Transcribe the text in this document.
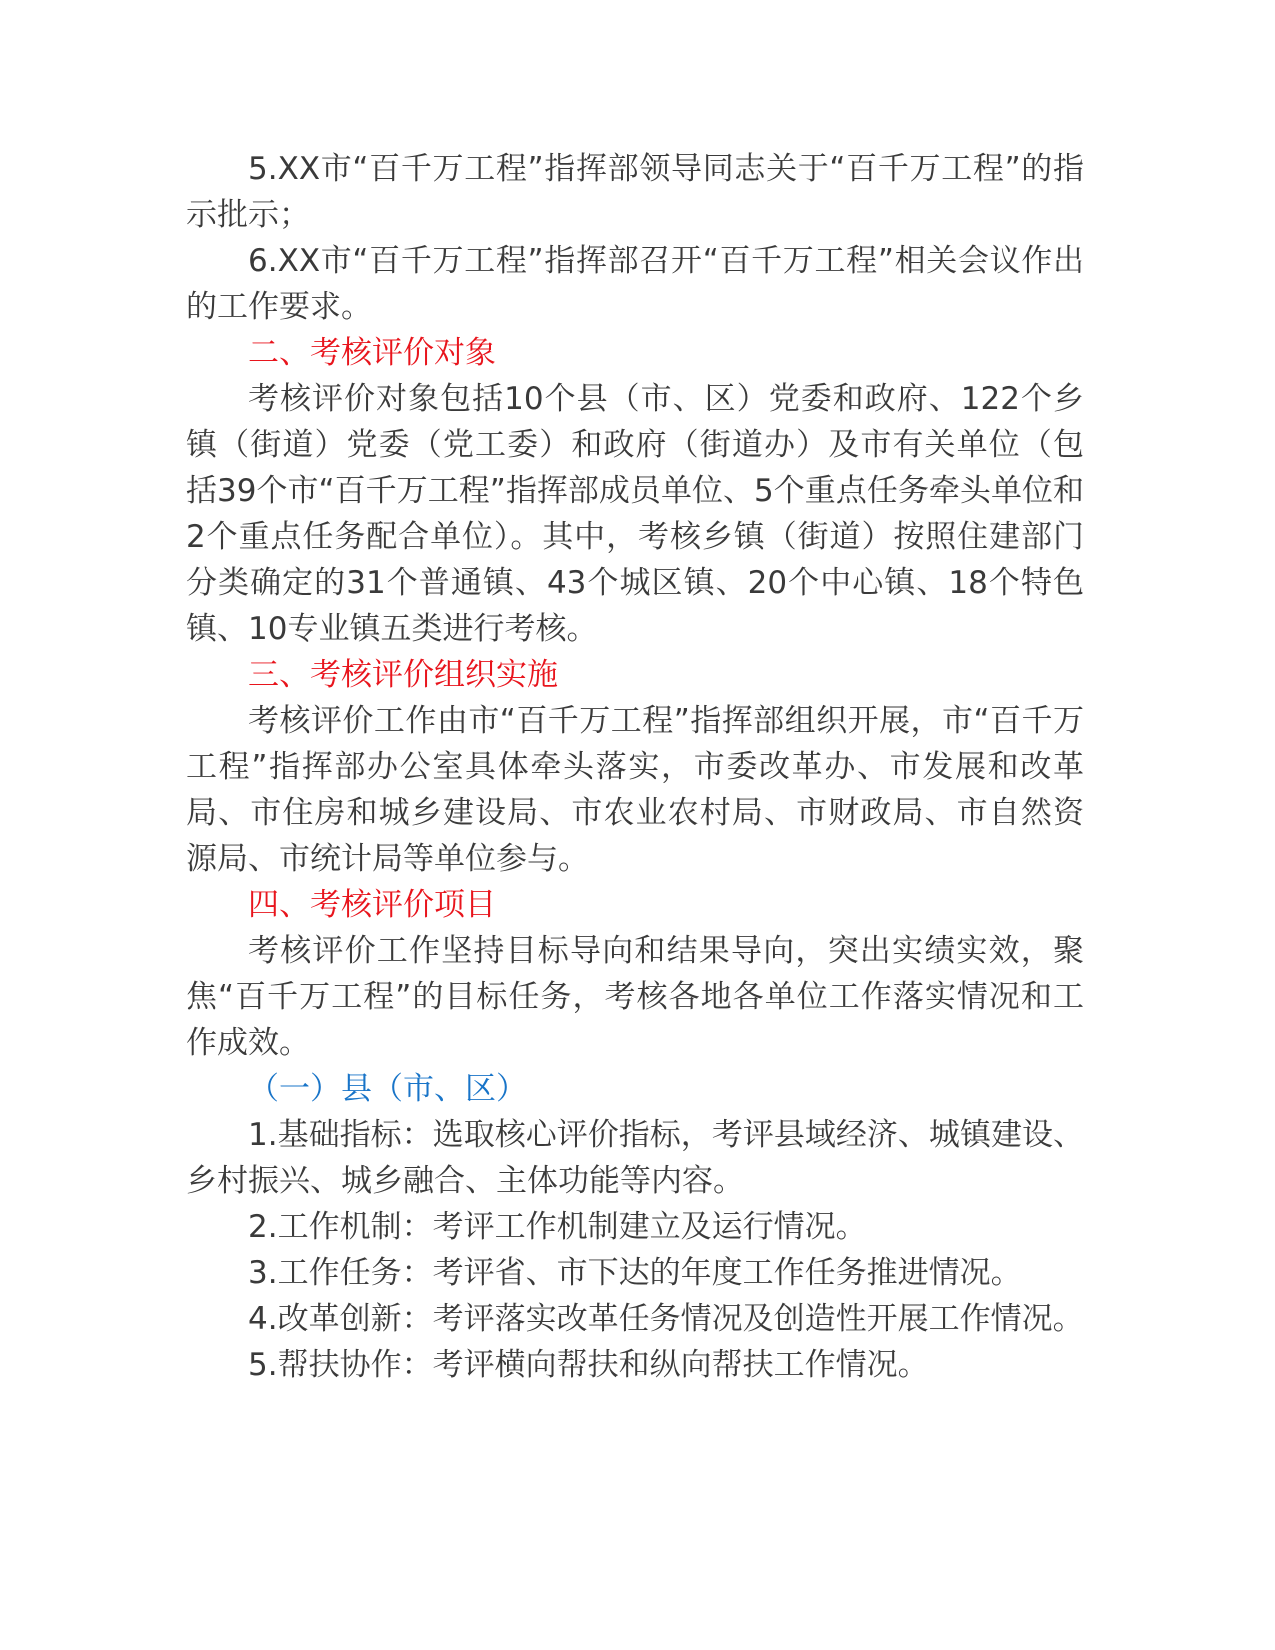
5.XX市“百千万工程”指挥部领导同志关于“百千万工程”的指示批示；

6.XX市“百千万工程”指挥部召开“百千万工程”相关会议作出的工作要求。

二、考核评价对象

考核评价对象包括10个县（市、区）党委和政府、122个乡镇（街道）党委（党工委）和政府（街道办）及市有关单位（包括39个市“百千万工程”指挥部成员单位、5个重点任务牵头单位和2个重点任务配合单位）。其中，考核乡镇（街道）按照住建部门分类确定的31个普通镇、43个城区镇、20个中心镇、18个特色镇、10专业镇五类进行考核。

三、考核评价组织实施

考核评价工作由市“百千万工程”指挥部组织开展，市“百千万工程”指挥部办公室具体牵头落实，市委改革办、市发展和改革局、市住房和城乡建设局、市农业农村局、市财政局、市自然资源局、市统计局等单位参与。

四、考核评价项目

考核评价工作坚持目标导向和结果导向，突出实绩实效，聚焦“百千万工程”的目标任务，考核各地各单位工作落实情况和工作成效。

（一）县（市、区）

1.基础指标：选取核心评价指标，考评县域经济、城镇建设、乡村振兴、城乡融合、主体功能等内容。

2.工作机制：考评工作机制建立及运行情况。

3.工作任务：考评省、市下达的年度工作任务推进情况。

4.改革创新：考评落实改革任务情况及创造性开展工作情况。

5.帮扶协作：考评横向帮扶和纵向帮扶工作情况。
